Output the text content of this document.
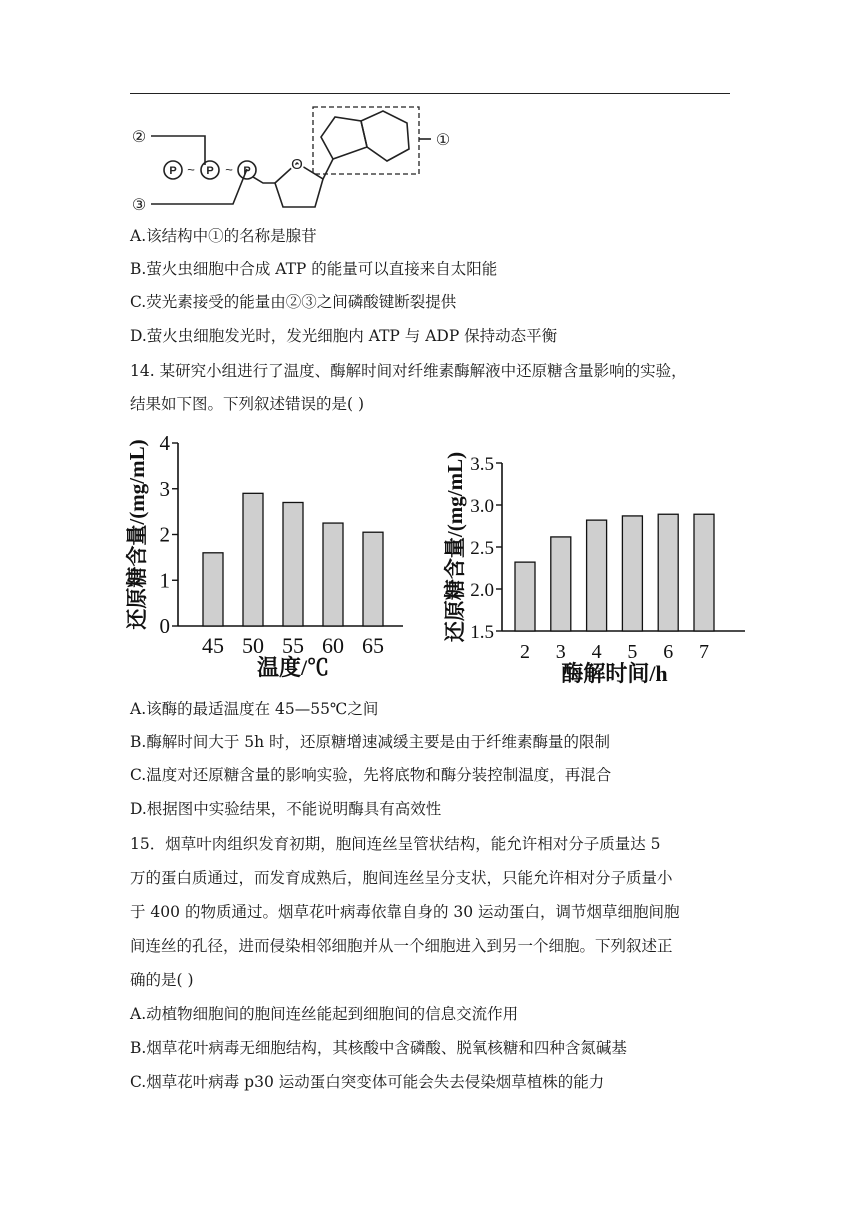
O
②
③
①
P	P	P
~ ~
A.该结构中①的名称是腺苷
B.萤火虫细胞中合成 ATP 的能量可以直接来自太阳能
C.荧光素接受的能量由②③之间磷酸键断裂提供
D.萤火虫细胞发光时，发光细胞内 ATP 与 ADP 保持动态平衡
14. 某研究小组进行了温度、酶解时间对纤维素酶解液中还原糖含量影响的实验，
结果如下图。下列叙述错误的是( )
0
1
2
3
4
45 50 55 60 65
温度/℃
还原糖含量/(mg/mL)
1.5
2.0
2.5
3.0
3.5
2 3 4 5 6 7
酶解时间/h
还原糖含量/(mg/mL)
A.该酶的最适温度在 45—55℃之间
B.酶解时间大于 5h 时，还原糖增速减缓主要是由于纤维素酶量的限制
C.温度对还原糖含量的影响实验，先将底物和酶分装控制温度，再混合
D.根据图中实验结果，不能说明酶具有高效性
15．烟草叶肉组织发育初期，胞间连丝呈管状结构，能允许相对分子质量达 5
万的蛋白质通过，而发育成熟后，胞间连丝呈分支状，只能允许相对分子质量小
于 400 的物质通过。烟草花叶病毒依靠自身的 30 运动蛋白，调节烟草细胞间胞
间连丝的孔径，进而侵染相邻细胞并从一个细胞进入到另一个细胞。下列叙述正
确的是( )
A.动植物细胞间的胞间连丝能起到细胞间的信息交流作用
B.烟草花叶病毒无细胞结构，其核酸中含磷酸、脱氧核糖和四种含氮碱基
C.烟草花叶病毒 p30 运动蛋白突变体可能会失去侵染烟草植株的能力
